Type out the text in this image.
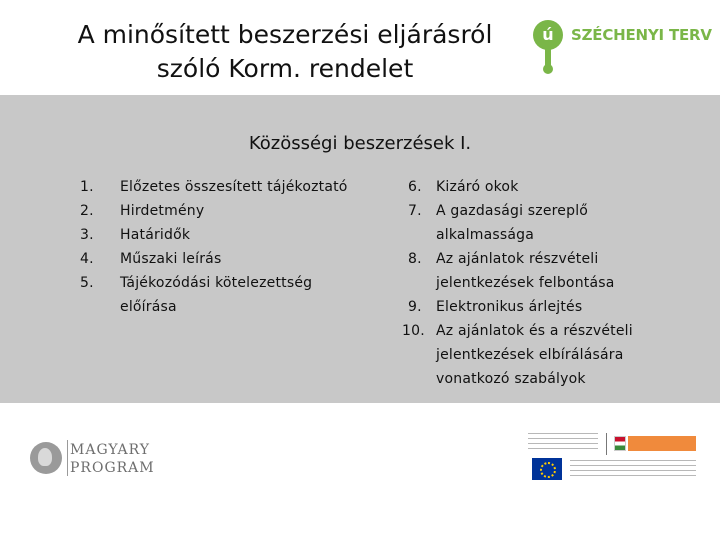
A minősített beszerzési eljárásról
szóló Korm. rendelet
ú	SZÉCHENYI TERV
Közösségi beszerzések I.
1. Előzetes összesített tájékoztató
2. Hirdetmény
3. Határidők
4. Műszaki leírás
5. Tájékozódási kötelezettség
előírása
6. Kizáró okok
7. A gazdasági szereplő
alkalmassága
8. Az ajánlatok részvételi
jelentkezések felbontása
9. Elektronikus árlejtés
10. Az ajánlatok és a részvételi
jelentkezések elbírálására
vonatkozó szabályok
MAGYARY
PROGRAM
